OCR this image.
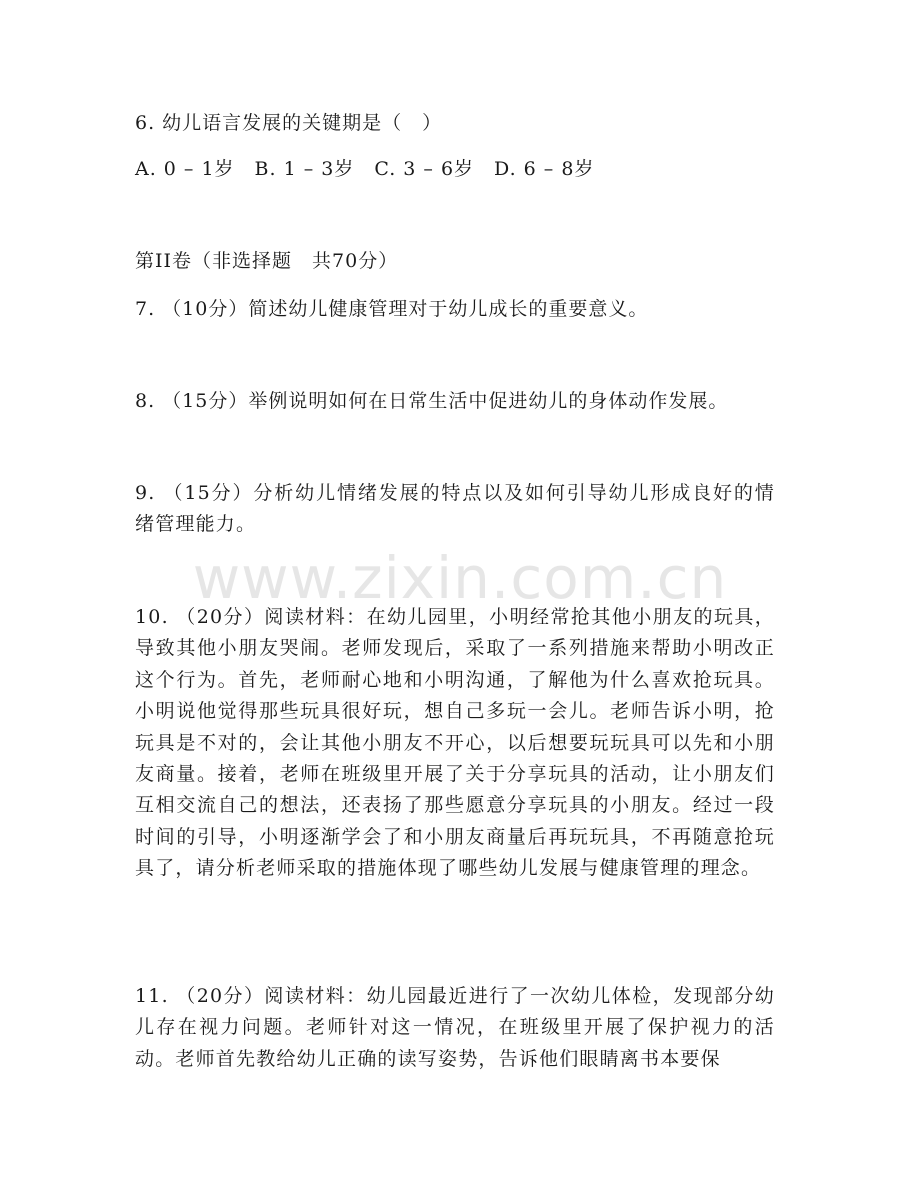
www.zixin.com.cn
6. 幼儿语言发展的关键期是（　）
A. 0 – 1岁　B. 1 – 3岁　C. 3 – 6岁　D. 6 – 8岁
第II卷（非选择题　共70分）
7. （10分）简述幼儿健康管理对于幼儿成长的重要意义。
8. （15分）举例说明如何在日常生活中促进幼儿的身体动作发展。
9. （15分）分析幼儿情绪发展的特点以及如何引导幼儿形成良好的情绪管理能力。
10. （20分）阅读材料：在幼儿园里，小明经常抢其他小朋友的玩具，导致其他小朋友哭闹。老师发现后，采取了一系列措施来帮助小明改正这个行为。首先，老师耐心地和小明沟通，了解他为什么喜欢抢玩具。小明说他觉得那些玩具很好玩，想自己多玩一会儿。老师告诉小明，抢玩具是不对的，会让其他小朋友不开心，以后想要玩玩具可以先和小朋友商量。接着，老师在班级里开展了关于分享玩具的活动，让小朋友们互相交流自己的想法，还表扬了那些愿意分享玩具的小朋友。经过一段时间的引导，小明逐渐学会了和小朋友商量后再玩玩具，不再随意抢玩具了，请分析老师采取的措施体现了哪些幼儿发展与健康管理的理念。
11. （20分）阅读材料：幼儿园最近进行了一次幼儿体检，发现部分幼儿存在视力问题。老师针对这一情况，在班级里开展了保护视力的活动。老师首先教给幼儿正确的读写姿势，告诉他们眼睛离书本要保
